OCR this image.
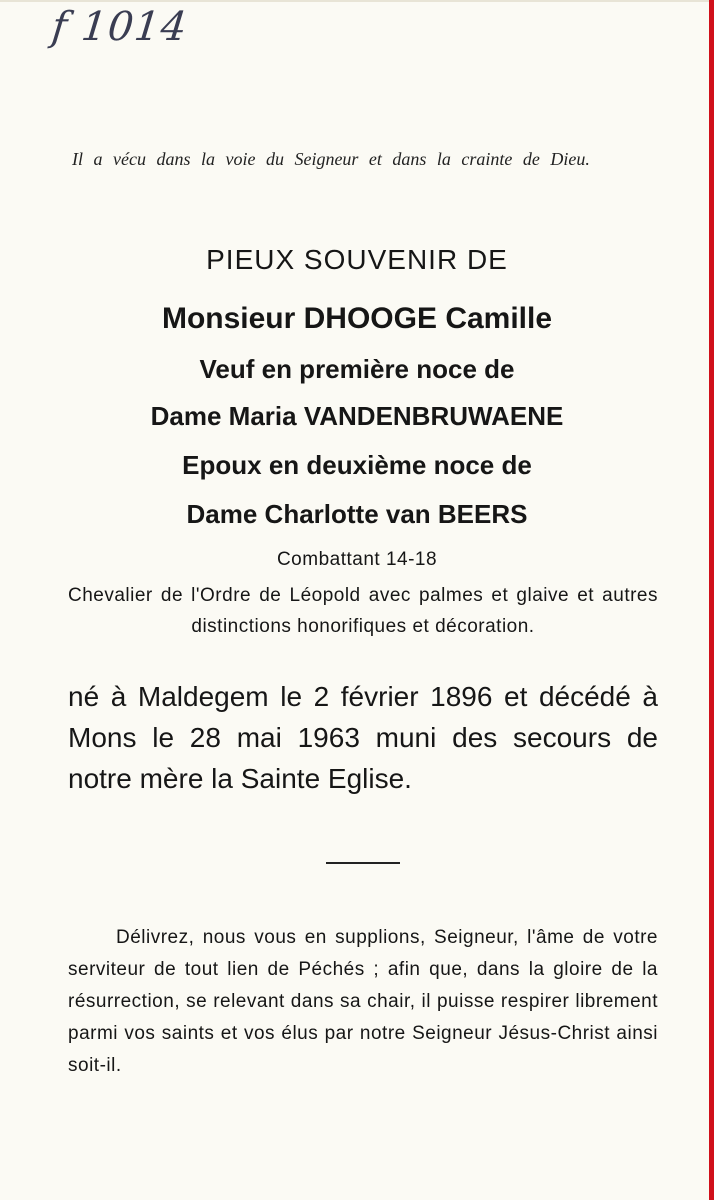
f 1014
Il a vécu dans la voie du Seigneur et dans la crainte de Dieu.
PIEUX SOUVENIR DE
Monsieur DHOOGE Camille
Veuf en première noce de
Dame Maria VANDENBRUWAENE
Epoux en deuxième noce de
Dame Charlotte van BEERS
Combattant 14-18
Chevalier de l'Ordre de Léopold avec palmes et glaive et autres distinctions honorifiques et décoration.
né à Maldegem le 2 février 1896 et décédé à Mons le 28 mai 1963 muni des secours de notre mère la Sainte Eglise.
Délivrez, nous vous en supplions, Seigneur, l'âme de votre serviteur de tout lien de Péchés ; afin que, dans la gloire de la résurrection, se relevant dans sa chair, il puisse respirer librement parmi vos saints et vos élus par notre Seigneur Jésus-Christ ainsi soit-il.
